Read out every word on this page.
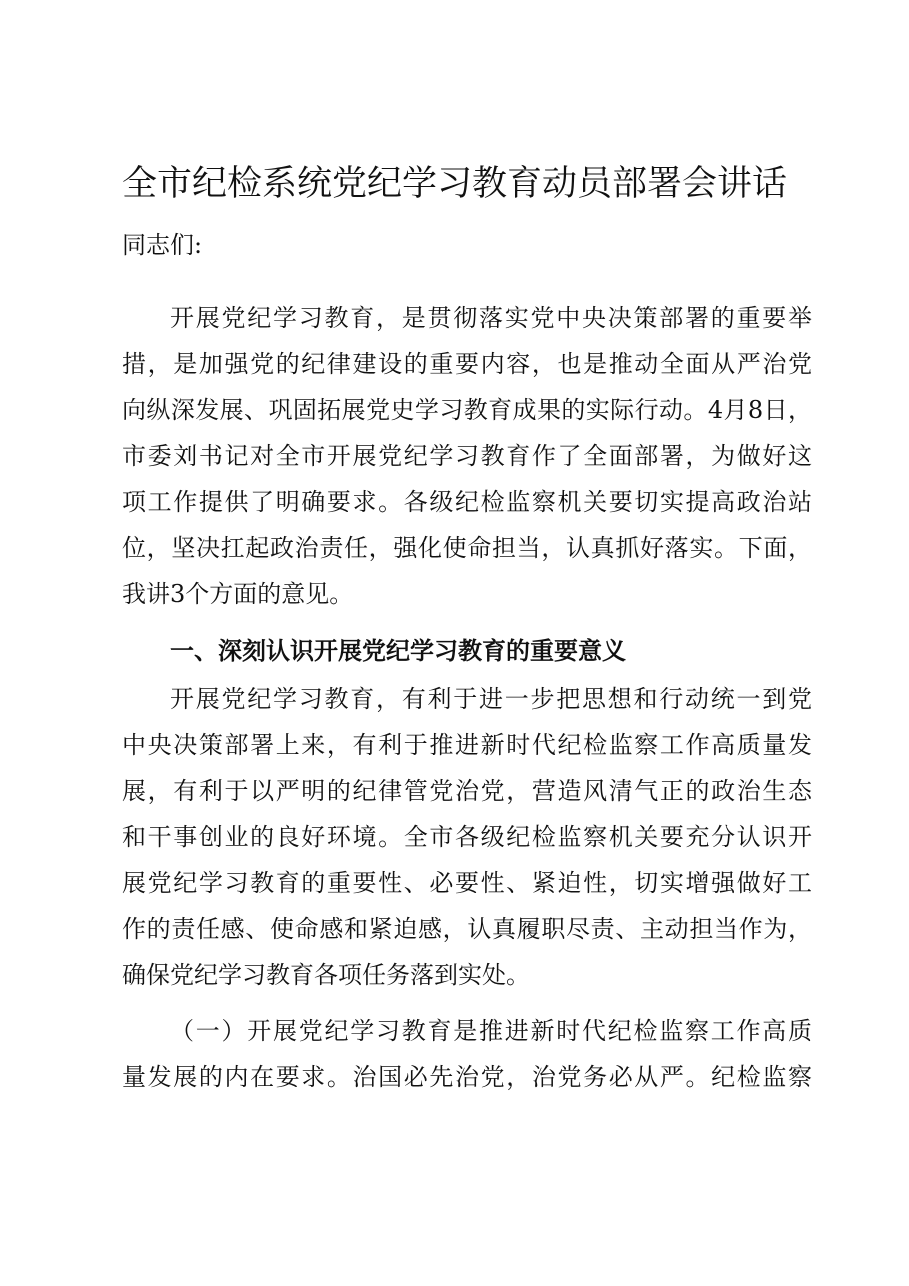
全市纪检系统党纪学习教育动员部署会讲话
同志们:
开展党纪学习教育，是贯彻落实党中央决策部署的重要举
措，是加强党的纪律建设的重要内容，也是推动全面从严治党
向纵深发展、巩固拓展党史学习教育成果的实际行动。4月8日，
市委刘书记对全市开展党纪学习教育作了全面部署，为做好这
项工作提供了明确要求。各级纪检监察机关要切实提高政治站
位，坚决扛起政治责任，强化使命担当，认真抓好落实。下面，
我讲3个方面的意见。
一、深刻认识开展党纪学习教育的重要意义
开展党纪学习教育，有利于进一步把思想和行动统一到党
中央决策部署上来，有利于推进新时代纪检监察工作高质量发
展，有利于以严明的纪律管党治党，营造风清气正的政治生态
和干事创业的良好环境。全市各级纪检监察机关要充分认识开
展党纪学习教育的重要性、必要性、紧迫性，切实增强做好工
作的责任感、使命感和紧迫感，认真履职尽责、主动担当作为，
确保党纪学习教育各项任务落到实处。
（一）开展党纪学习教育是推进新时代纪检监察工作高质
量发展的内在要求。治国必先治党，治党务必从严。纪检监察
